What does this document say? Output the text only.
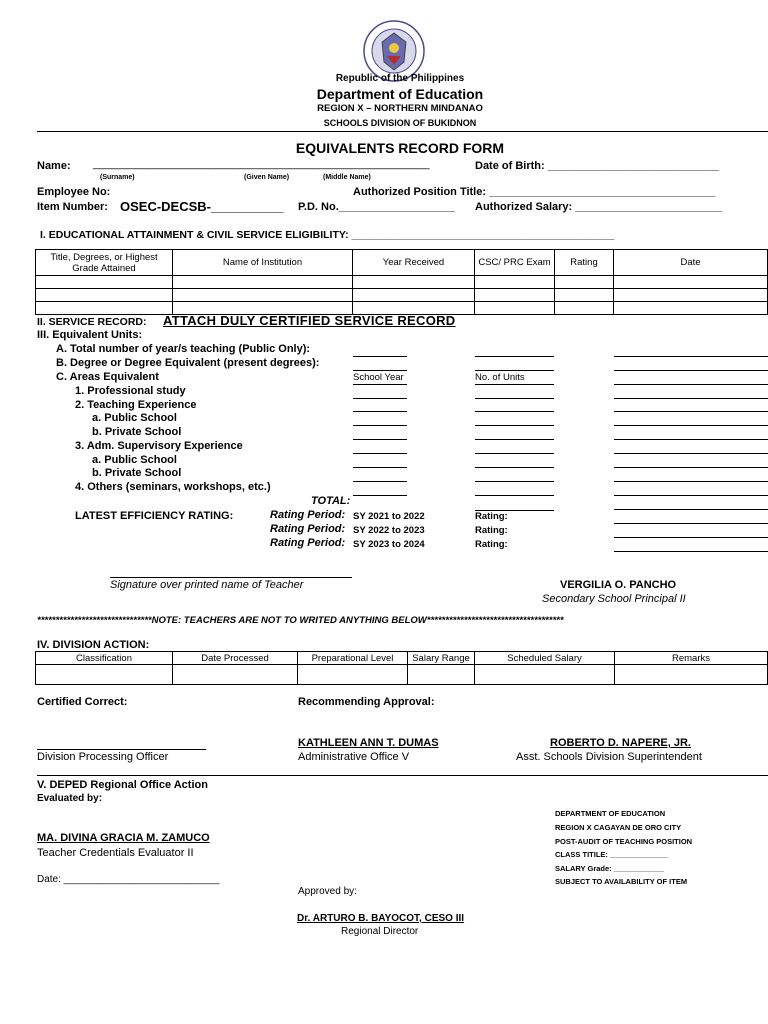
Republic of the Philippines
Department of Education
REGION X – NORTHERN MINDANAO
SCHOOLS DIVISION OF BUKIDNON
EQUIVALENTS RECORD FORM
Name: _______________________________________________________	Date of Birth: ____________________________
(Surname)	(Given Name)	(Middle Name)
Employee No:	Authorized Position Title: _____________________________________
Item Number: OSEC-DECSB-__________ P.D. No.___________________ Authorized Salary: ________________________
I. EDUCATIONAL ATTAINMENT & CIVIL SERVICE ELIGIBILITY: _____________________________________________
Title, Degrees, or Highest Grade Attained	Name of Institution	Year Received	CSC/ PRC Exam	Rating	Date

II. SERVICE RECORD: ATTACH DULY CERTIFIED SERVICE RECORD
III. Equivalent Units:
A. Total number of year/s teaching (Public Only):
B. Degree or Degree Equivalent (present degrees):
C. Areas Equivalent
1. Professional study
2. Teaching Experience
a. Public School
b. Private School
3. Adm. Supervisory Experience
a. Public School
b. Private School
4. Others (seminars, workshops, etc.)
School Year	No. of Units
TOTAL:
LATEST EFFICIENCY RATING:	Rating Period: SY 2021 to 2022	Rating:
Rating Period: SY 2022 to 2023	Rating:
Rating Period: SY 2023 to 2024	Rating:
Signature over printed name of Teacher	VERGILIA O. PANCHO
Secondary School Principal II
*******************************NOTE: TEACHERS ARE NOT TO WRITED ANYTHING BELOW*************************************
IV. DIVISION ACTION:
Classification	Date Processed	Preparational Level	Salary Range	Scheduled Salary	Remarks

Certified Correct:	Recommending Approval:
Division Processing Officer
KATHLEEN ANN T. DUMAS
Administrative Office V
ROBERTO D. NAPERE, JR.
Asst. Schools Division Superintendent
V. DEPED Regional Office Action
Evaluated by:
MA. DIVINA GRACIA M. ZAMUCO
Teacher Credentials Evaluator II
Date: ____________________________
Approved by:
Dr. ARTURO B. BAYOCOT, CESO III
Regional Director
DEPARTMENT OF EDUCATION
REGION X CAGAYAN DE ORO CITY
POST-AUDIT OF TEACHING POSITION
CLASS TITILE: ______________
SALARY Grade: ____________
SUBJECT TO AVAILABILITY OF ITEM
